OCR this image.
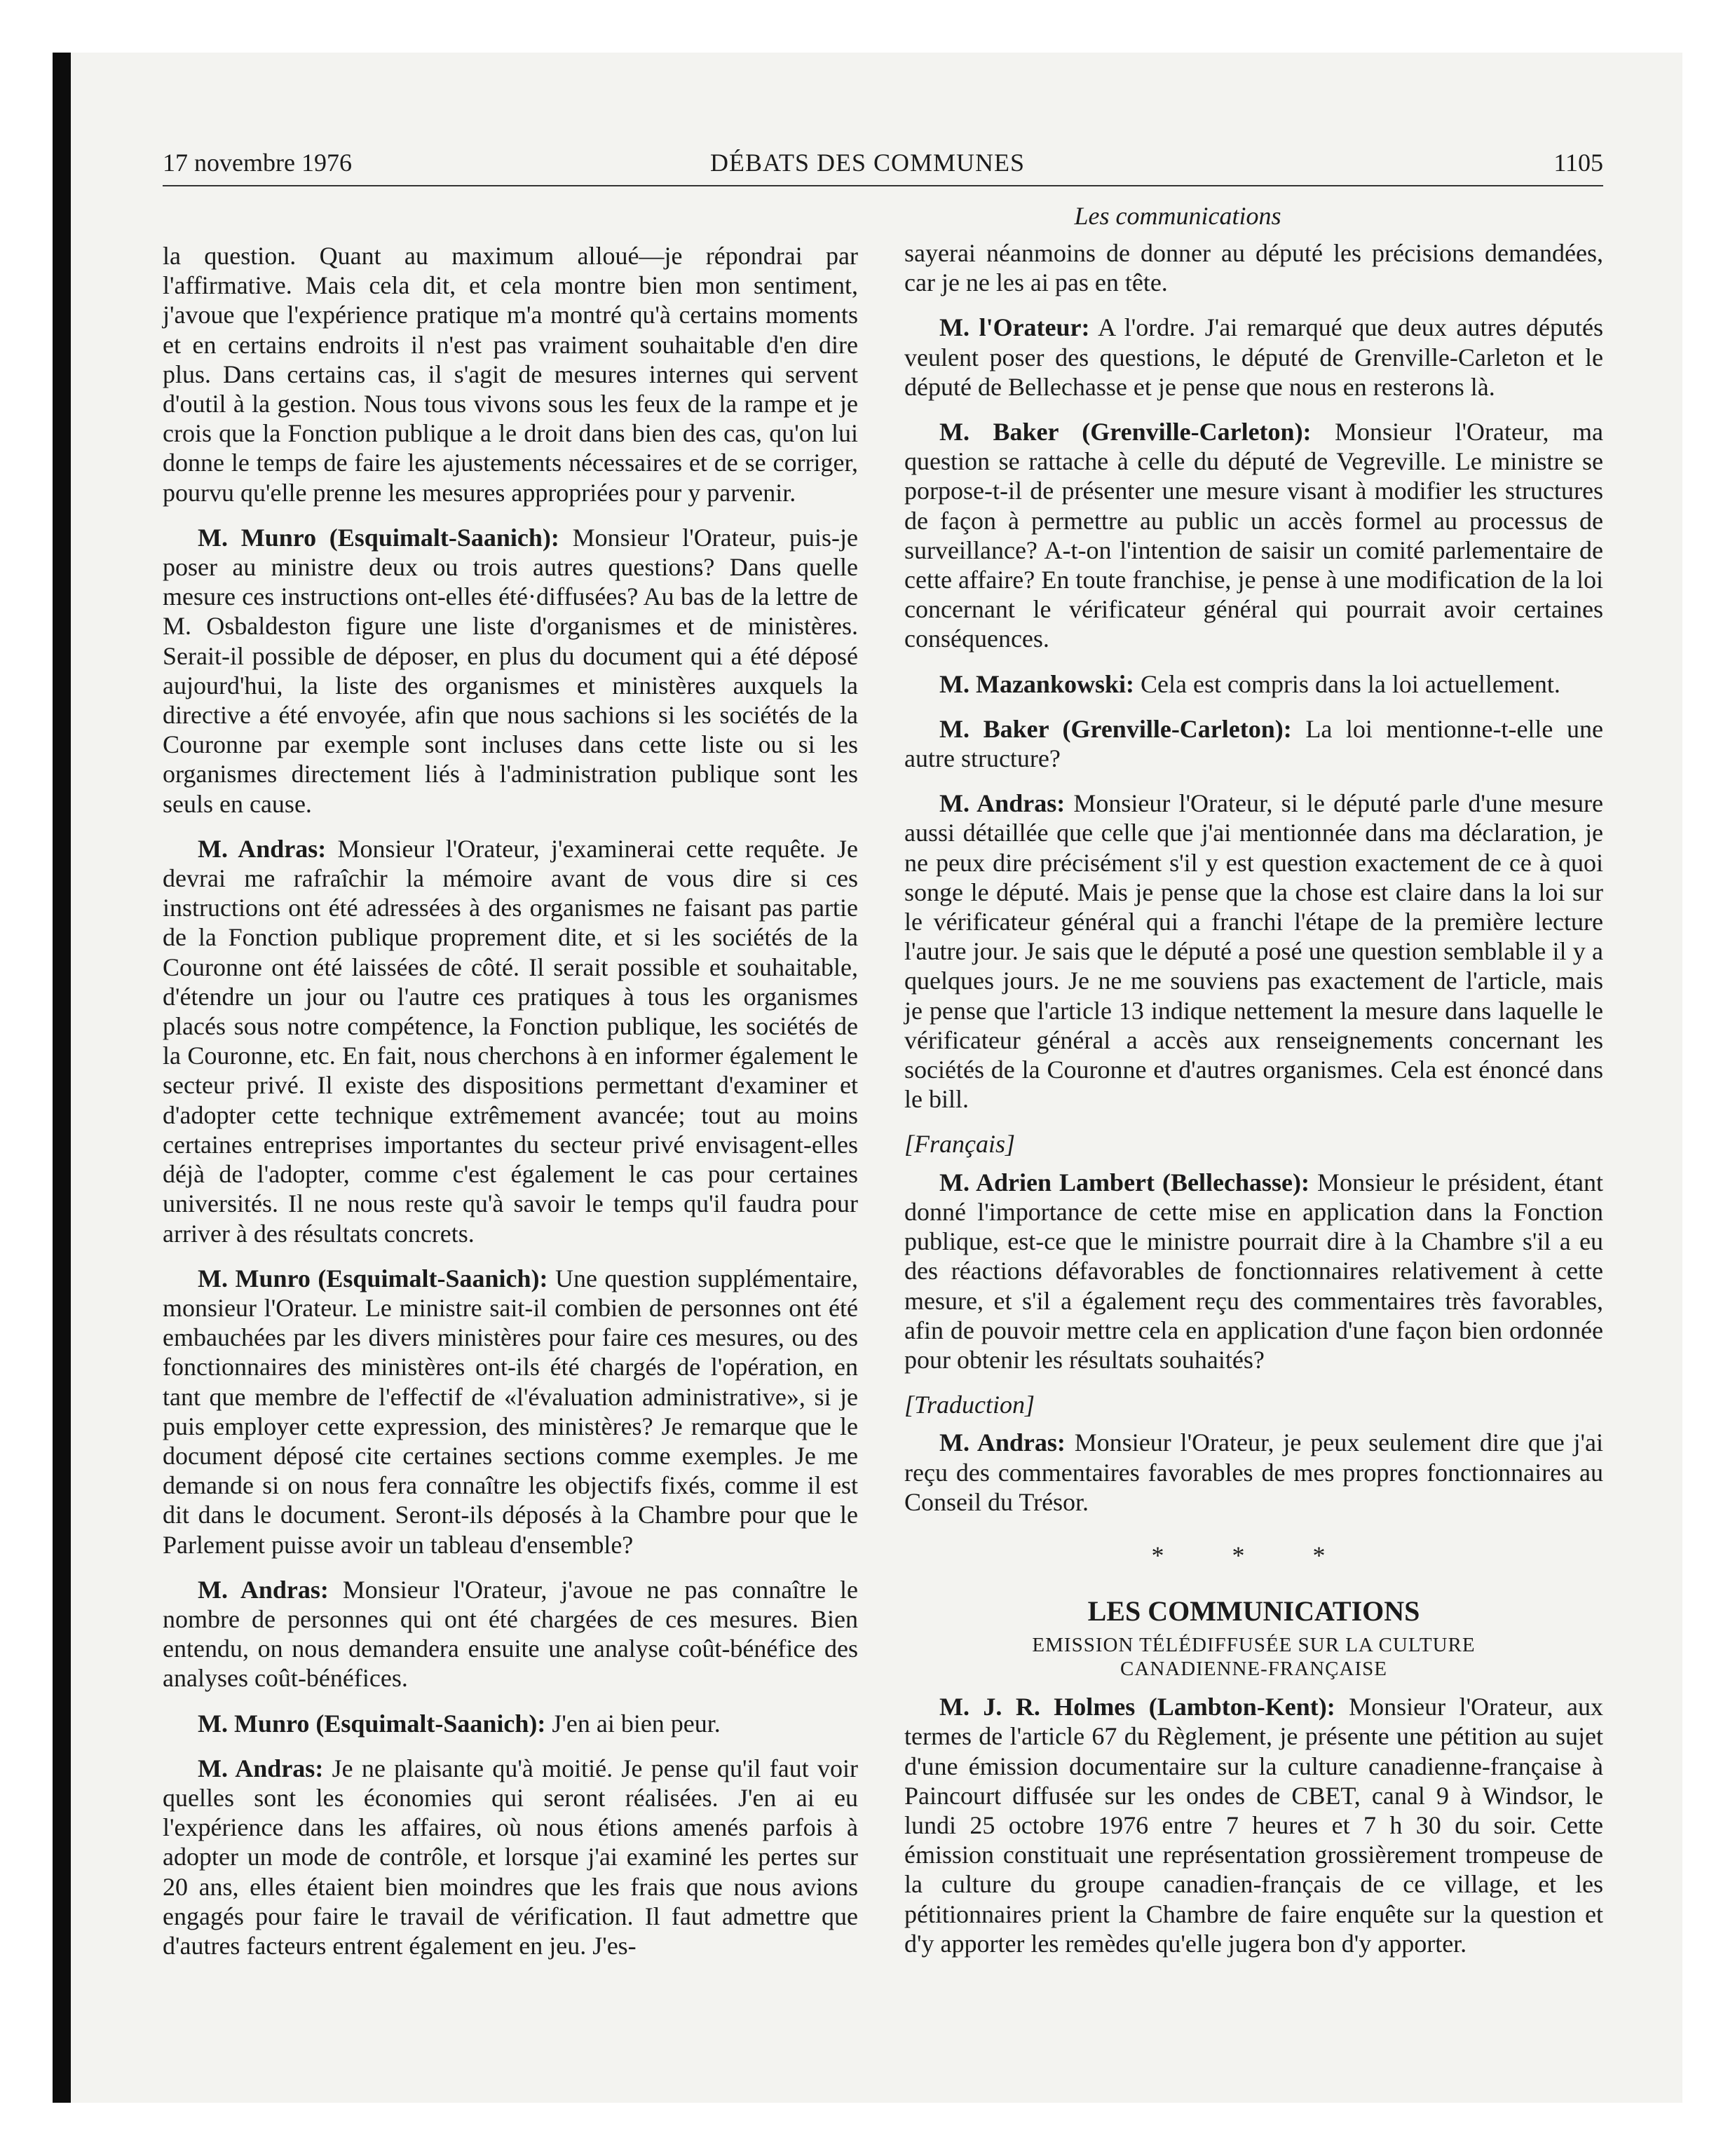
17 novembre 1976	DÉBATS DES COMMUNES	1105
Les communications

la question. Quant au maximum alloué—je répondrai par l'affirmative. Mais cela dit, et cela montre bien mon sentiment, j'avoue que l'expérience pratique m'a montré qu'à certains moments et en certains endroits il n'est pas vraiment souhaitable d'en dire plus. Dans certains cas, il s'agit de mesures internes qui servent d'outil à la gestion. Nous tous vivons sous les feux de la rampe et je crois que la Fonction publique a le droit dans bien des cas, qu'on lui donne le temps de faire les ajustements nécessaires et de se corriger, pourvu qu'elle prenne les mesures appropriées pour y parvenir.

M. Munro (Esquimalt-Saanich): Monsieur l'Orateur, puis-je poser au ministre deux ou trois autres questions? Dans quelle mesure ces instructions ont-elles été·diffusées? Au bas de la lettre de M. Osbaldeston figure une liste d'organismes et de ministères. Serait-il possible de déposer, en plus du document qui a été déposé aujourd'hui, la liste des organismes et ministères auxquels la directive a été envoyée, afin que nous sachions si les sociétés de la Couronne par exemple sont incluses dans cette liste ou si les organismes directement liés à l'administration publique sont les seuls en cause.

M. Andras: Monsieur l'Orateur, j'examinerai cette requête. Je devrai me rafraîchir la mémoire avant de vous dire si ces instructions ont été adressées à des organismes ne faisant pas partie de la Fonction publique proprement dite, et si les sociétés de la Couronne ont été laissées de côté. Il serait possible et souhaitable, d'étendre un jour ou l'autre ces pratiques à tous les organismes placés sous notre compétence, la Fonction publique, les sociétés de la Couronne, etc. En fait, nous cherchons à en informer également le secteur privé. Il existe des dispositions permettant d'examiner et d'adopter cette technique extrêmement avancée; tout au moins certaines entreprises importantes du secteur privé envisagent-elles déjà de l'adopter, comme c'est également le cas pour certaines universités. Il ne nous reste qu'à savoir le temps qu'il faudra pour arriver à des résultats concrets.

M. Munro (Esquimalt-Saanich): Une question supplémentaire, monsieur l'Orateur. Le ministre sait-il combien de personnes ont été embauchées par les divers ministères pour faire ces mesures, ou des fonctionnaires des ministères ont-ils été chargés de l'opération, en tant que membre de l'effectif de «l'évaluation administrative», si je puis employer cette expression, des ministères? Je remarque que le document déposé cite certaines sections comme exemples. Je me demande si on nous fera connaître les objectifs fixés, comme il est dit dans le document. Seront-ils déposés à la Chambre pour que le Parlement puisse avoir un tableau d'ensemble?

M. Andras: Monsieur l'Orateur, j'avoue ne pas connaître le nombre de personnes qui ont été chargées de ces mesures. Bien entendu, on nous demandera ensuite une analyse coût-bénéfice des analyses coût-bénéfices.

M. Munro (Esquimalt-Saanich): J'en ai bien peur.

M. Andras: Je ne plaisante qu'à moitié. Je pense qu'il faut voir quelles sont les économies qui seront réalisées. J'en ai eu l'expérience dans les affaires, où nous étions amenés parfois à adopter un mode de contrôle, et lorsque j'ai examiné les pertes sur 20 ans, elles étaient bien moindres que les frais que nous avions engagés pour faire le travail de vérification. Il faut admettre que d'autres facteurs entrent également en jeu. J'es-

sayerai néanmoins de donner au député les précisions demandées, car je ne les ai pas en tête.

M. l'Orateur: A l'ordre. J'ai remarqué que deux autres députés veulent poser des questions, le député de Grenville-Carleton et le député de Bellechasse et je pense que nous en resterons là.

M. Baker (Grenville-Carleton): Monsieur l'Orateur, ma question se rattache à celle du député de Vegreville. Le ministre se porpose-t-il de présenter une mesure visant à modifier les structures de façon à permettre au public un accès formel au processus de surveillance? A-t-on l'intention de saisir un comité parlementaire de cette affaire? En toute franchise, je pense à une modification de la loi concernant le vérificateur général qui pourrait avoir certaines conséquences.

M. Mazankowski: Cela est compris dans la loi actuellement.

M. Baker (Grenville-Carleton): La loi mentionne-t-elle une autre structure?

M. Andras: Monsieur l'Orateur, si le député parle d'une mesure aussi détaillée que celle que j'ai mentionnée dans ma déclaration, je ne peux dire précisément s'il y est question exactement de ce à quoi songe le député. Mais je pense que la chose est claire dans la loi sur le vérificateur général qui a franchi l'étape de la première lecture l'autre jour. Je sais que le député a posé une question semblable il y a quelques jours. Je ne me souviens pas exactement de l'article, mais je pense que l'article 13 indique nettement la mesure dans laquelle le vérificateur général a accès aux renseignements concernant les sociétés de la Couronne et d'autres organismes. Cela est énoncé dans le bill.

[Français]

M. Adrien Lambert (Bellechasse): Monsieur le président, étant donné l'importance de cette mise en application dans la Fonction publique, est-ce que le ministre pourrait dire à la Chambre s'il a eu des réactions défavorables de fonctionnaires relativement à cette mesure, et s'il a également reçu des commentaires très favorables, afin de pouvoir mettre cela en application d'une façon bien ordonnée pour obtenir les résultats souhaités?

[Traduction]

M. Andras: Monsieur l'Orateur, je peux seulement dire que j'ai reçu des commentaires favorables de mes propres fonctionnaires au Conseil du Trésor.

* * *
LES COMMUNICATIONS
EMISSION TÉLÉDIFFUSÉE SUR LA CULTURE
CANADIENNE-FRANÇAISE

M. J. R. Holmes (Lambton-Kent): Monsieur l'Orateur, aux termes de l'article 67 du Règlement, je présente une pétition au sujet d'une émission documentaire sur la culture canadienne-française à Paincourt diffusée sur les ondes de CBET, canal 9 à Windsor, le lundi 25 octobre 1976 entre 7 heures et 7 h 30 du soir. Cette émission constituait une représentation grossièrement trompeuse de la culture du groupe canadien-français de ce village, et les pétitionnaires prient la Chambre de faire enquête sur la question et d'y apporter les remèdes qu'elle jugera bon d'y apporter.
